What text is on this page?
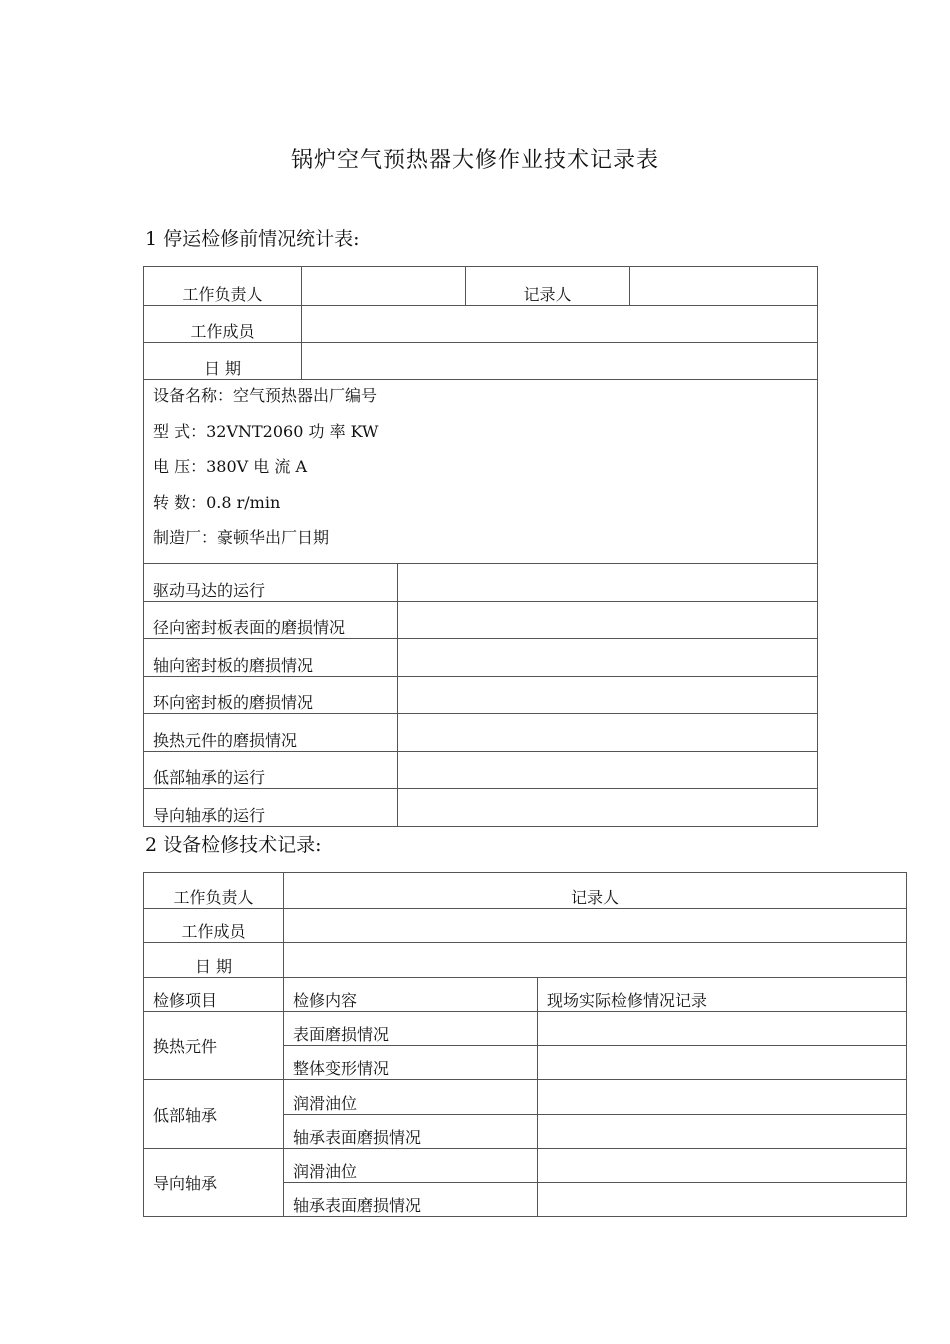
锅炉空气预热器大修作业技术记录表
1 停运检修前情况统计表:
工作负责人			记录人	
工作成员				
日 期				

设备名称：空气预热器出厂编号
型 式：32VNT2060 功 率 KW
电 压：380V 电 流 A
转 数：0.8 r/min
制造厂：豪顿华出厂日期				

驱动马达的运行				
径向密封板表面的磨损情况				
轴向密封板的磨损情况				
环向密封板的磨损情况				
换热元件的磨损情况				
低部轴承的运行				
导向轴承的运行				
2 设备检修技术记录:
工作负责人	记录人	
工作成员		
日 期		
检修项目	检修内容	现场实际检修情况记录
换热元件	表面磨损情况	
	整体变形情况	
低部轴承	润滑油位	
	轴承表面磨损情况	
导向轴承	润滑油位	
	轴承表面磨损情况	
